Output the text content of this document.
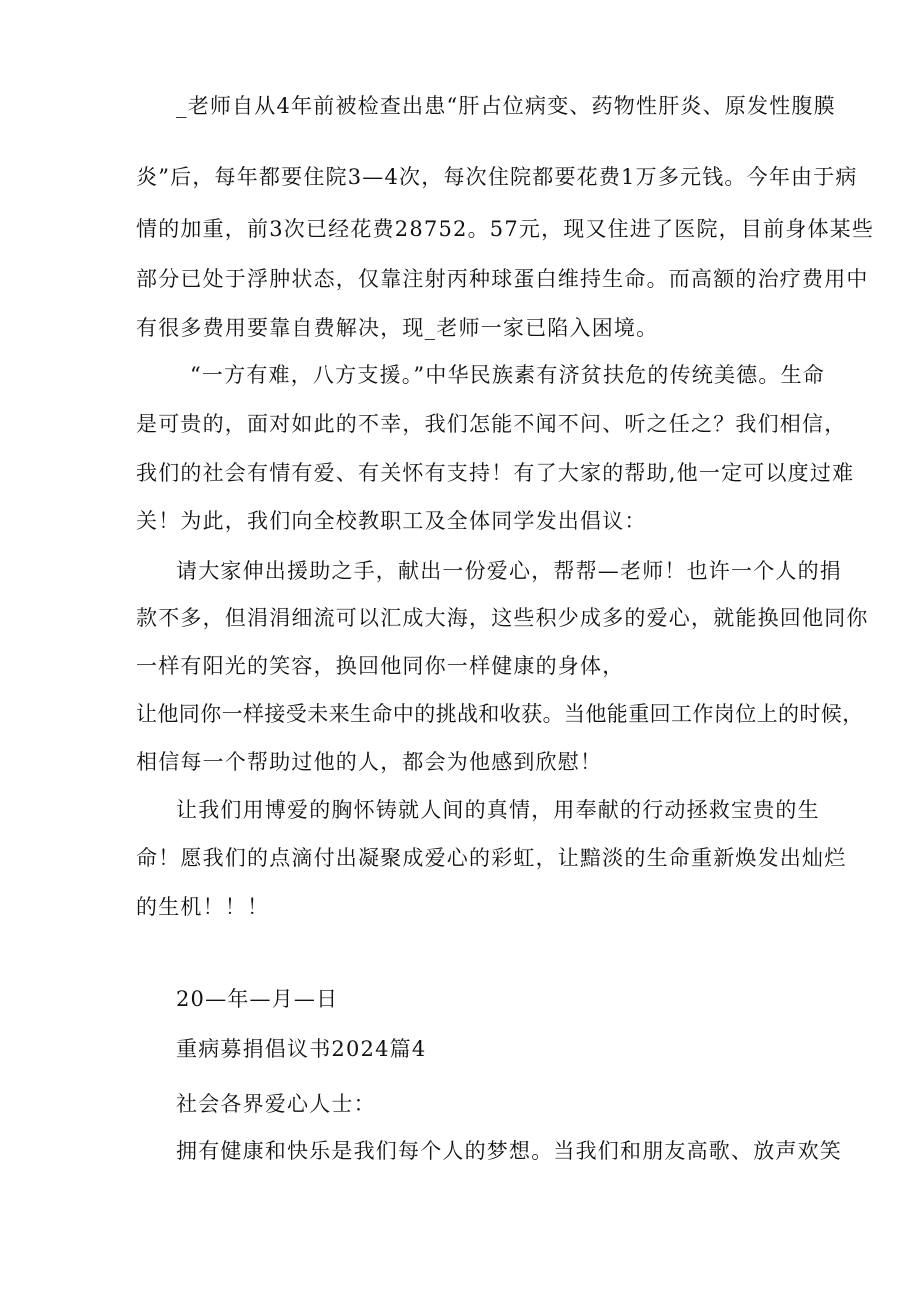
_老师自从4年前被检查出患“肝占位病变、药物性肝炎、原发性腹膜
炎”后，每年都要住院3—4次，每次住院都要花费1万多元钱。今年由于病
情的加重，前3次已经花费28752。57元，现又住进了医院，目前身体某些
部分已处于浮肿状态，仅靠注射丙种球蛋白维持生命。而高额的治疗费用中
有很多费用要靠自费解决，现_老师一家已陷入困境。
“一方有难，八方支援。”中华民族素有济贫扶危的传统美德。生命
是可贵的，面对如此的不幸，我们怎能不闻不问、听之任之？我们相信，
我们的社会有情有爱、有关怀有支持！有了大家的帮助,他一定可以度过难
关！为此，我们向全校教职工及全体同学发出倡议：
请大家伸出援助之手，献出一份爱心，帮帮—老师！也许一个人的捐
款不多，但涓涓细流可以汇成大海，这些积少成多的爱心，就能换回他同你
一样有阳光的笑容，换回他同你一样健康的身体，
让他同你一样接受未来生命中的挑战和收获。当他能重回工作岗位上的时候，
相信每一个帮助过他的人，都会为他感到欣慰！
让我们用博爱的胸怀铸就人间的真情，用奉献的行动拯救宝贵的生
命！愿我们的点滴付出凝聚成爱心的彩虹，让黯淡的生命重新焕发出灿烂
的生机！！！
20—年—月—日
重病募捐倡议书2024篇4
社会各界爱心人士：
拥有健康和快乐是我们每个人的梦想。当我们和朋友高歌、放声欢笑
